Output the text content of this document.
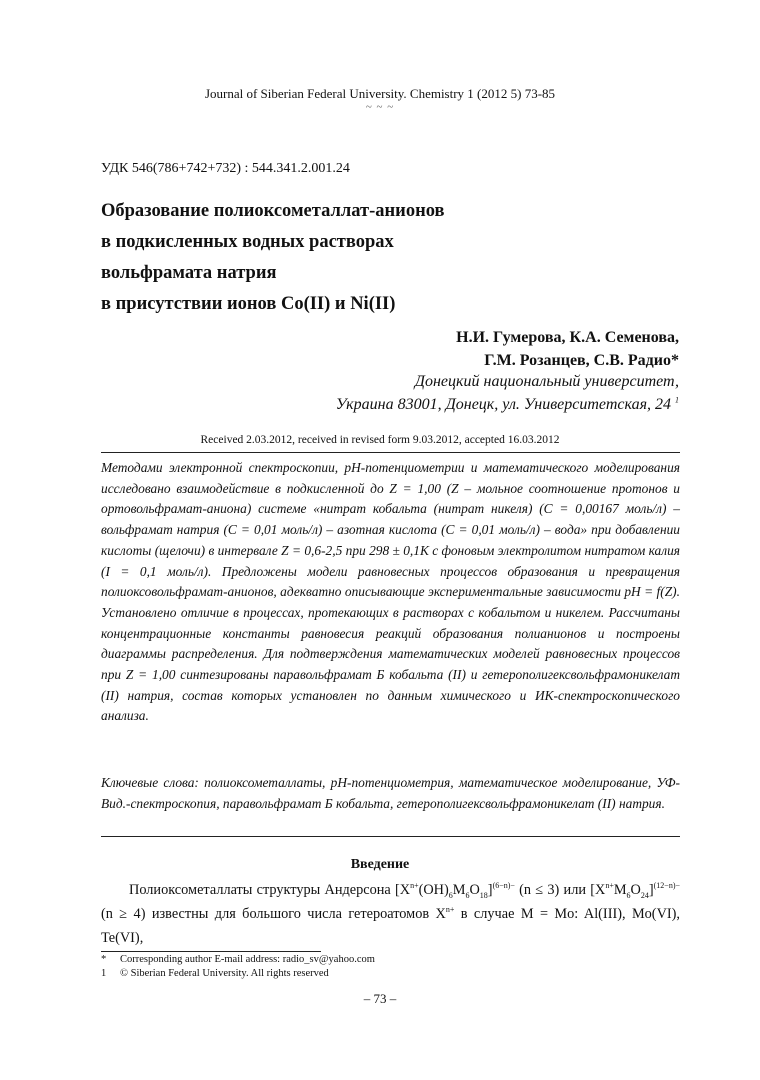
Journal of Siberian Federal University. Chemistry 1 (2012 5) 73-85
~ ~ ~
УДК 546(786+742+732) : 544.341.2.001.24
Образование полиоксометаллат-анионов
в подкисленных водных растворах
вольфрамата натрия
в присутствии ионов Co(II) и Ni(II)
Н.И. Гумерова, К.А. Семенова,
Г.М. Розанцев, С.В. Радио*
Донецкий национальный университет,
Украина 83001, Донецк, ул. Университетская, 24 $^1$
Received 2.03.2012, received in revised form 9.03.2012, accepted 16.03.2012
Методами электронной спектроскопии, рН-потенциометрии и математического моделирования исследовано взаимодействие в подкисленной до Z = 1,00 (Z – мольное соотношение протонов и ортовольфрамат-аниона) системе «нитрат кобальта (нитрат никеля) (C = 0,00167 моль/л) – вольфрамат натрия (C = 0,01 моль/л) – азотная кислота (C = 0,01 моль/л) – вода» при добавлении кислоты (щелочи) в интервале Z = 0,6-2,5 при 298 ± 0,1K с фоновым электролитом нитратом калия (I = 0,1 моль/л). Предложены модели равновесных процессов образования и превращения полиоксовольфрамат-анионов, адекватно описывающие экспериментальные зависимости рН = f(Z). Установлено отличие в процессах, протекающих в растворах с кобальтом и никелем. Рассчитаны концентрационные константы равновесия реакций образования полианионов и построены диаграммы распределения. Для подтверждения математических моделей равновесных процессов при Z = 1,00 синтезированы паравольфрамат Б кобальта (II) и гетерополигексвольфрамоникелат (II) натрия, состав которых установлен по данным химического и ИК-спектроскопического анализа.
Ключевые слова: полиоксометаллаты, рН-потенциометрия, математическое моделирование, УФ-Вид.-спектроскопия, паравольфрамат Б кобальта, гетерополигексвольфрамоникелат (II) натрия.
Введение
Полиоксометаллаты структуры Андерсона $[X^{n+}(OH)_6M_6O_{18}]^{(6-n)-}$ (n ≤ 3) или $[X^{n+}M_6O_{24}]^{(12-n)-}$ (n ≥ 4) известны для большого числа гетероатомов $X^{n+}$ в случае M = Mo: Al(III), Mo(VI), Te(VI),
*	Corresponding author E-mail address: radio_sv@yahoo.com
1	© Siberian Federal University. All rights reserved
– 73 –
